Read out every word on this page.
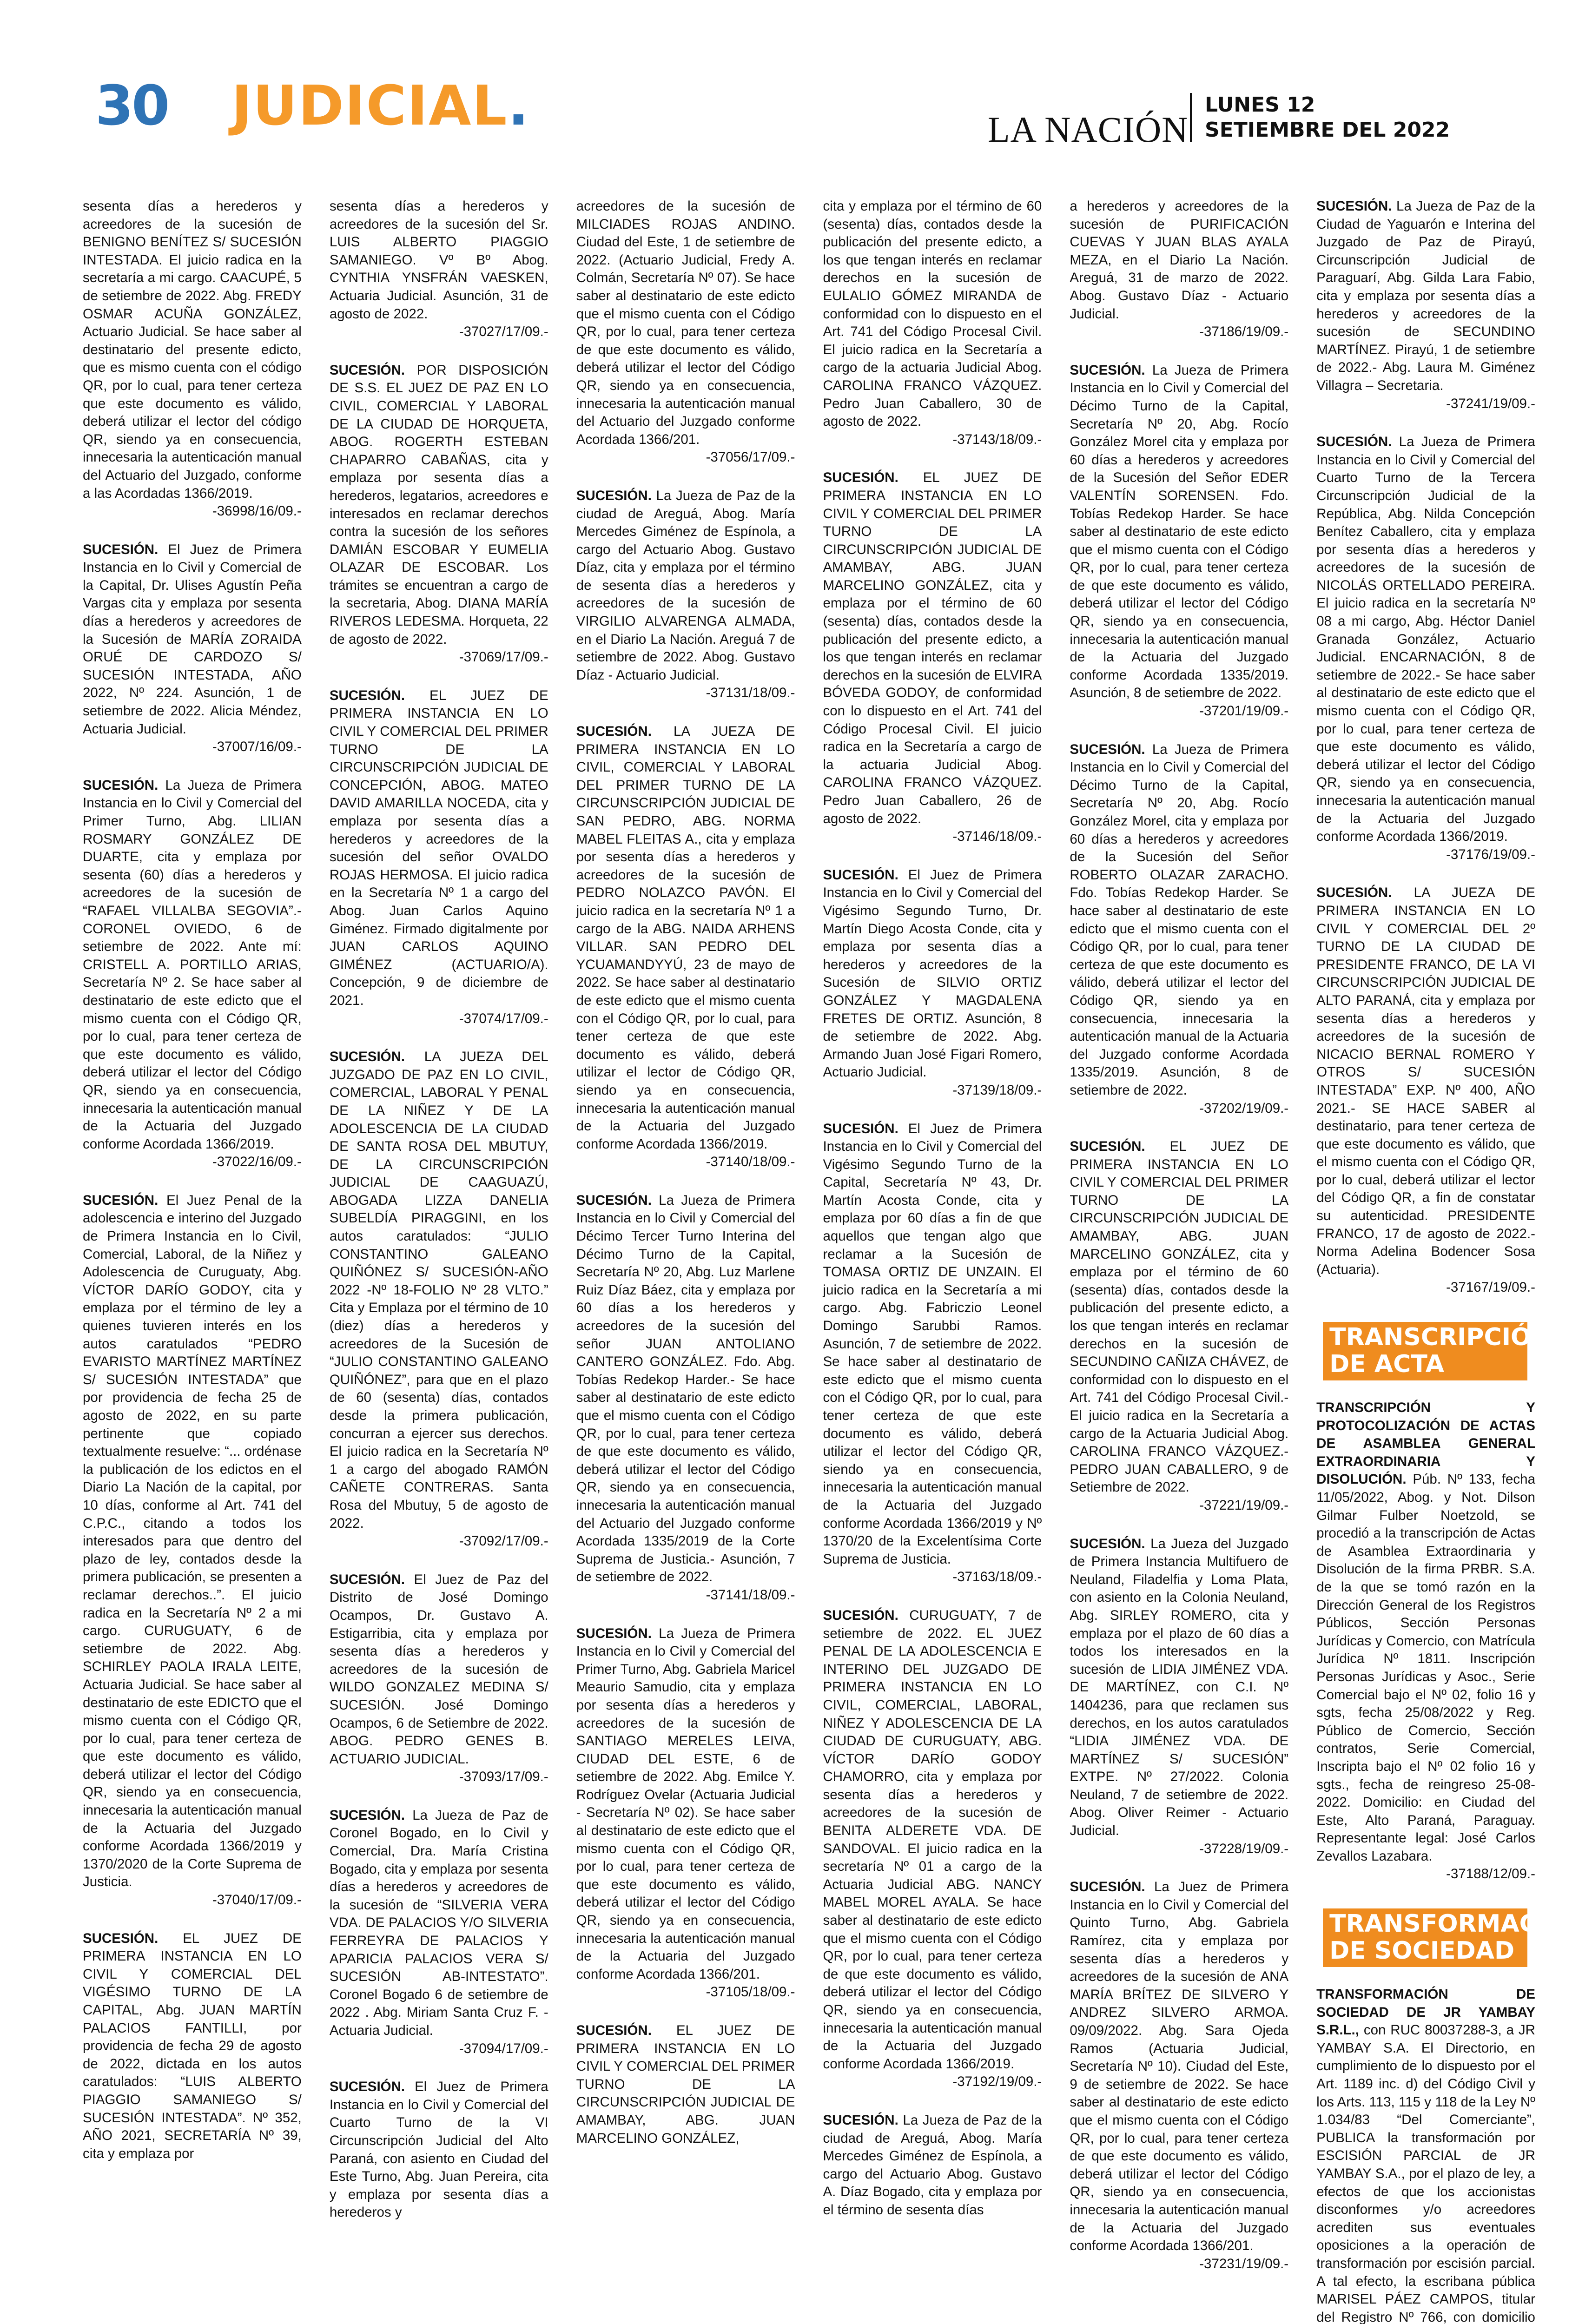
30 JUDICIAL.	LA NACIÓN
LUNES 12
SETIEMBRE DEL 2022

sesenta días a herederos y acreedores de la sucesión de BENIGNO BENÍTEZ S/ SUCESIÓN INTESTADA. El juicio radica en la secretaría a mi cargo. CAACUPÉ, 5 de setiembre de 2022. Abg. FREDY OSMAR ACUÑA GONZÁLEZ, Actuario Judicial. Se hace saber al destinatario del presente edicto, que es mismo cuenta con el código QR, por lo cual, para tener certeza que este documento es válido, deberá utilizar el lector del código QR, siendo ya en consecuencia, innecesaria la autenticación manual del Actuario del Juzgado, conforme a las Acordadas 1366/2019.
-36998/16/09.-

SUCESIÓN. El Juez de Primera Instancia en lo Civil y Comercial de la Capital, Dr. Ulises Agustín Peña Vargas cita y emplaza por sesenta días a herederos y acreedores de la Sucesión de MARÍA ZORAIDA ORUÉ DE CARDOZO S/ SUCESIÓN INTESTADA, AÑO 2022, Nº 224. Asunción, 1 de setiembre de 2022. Alicia Méndez, Actuaria Judicial.
-37007/16/09.-

SUCESIÓN. La Jueza de Primera Instancia en lo Civil y Comercial del Primer Turno, Abg. LILIAN ROSMARY GONZÁLEZ DE DUARTE, cita y emplaza por sesenta (60) días a herederos y acreedores de la sucesión de “RAFAEL VILLALBA SEGOVIA”.- CORONEL OVIEDO, 6 de setiembre de 2022. Ante mí: CRISTELL A. PORTILLO ARIAS, Secretaría Nº 2. Se hace saber al destinatario de este edicto que el mismo cuenta con el Código QR, por lo cual, para tener certeza de que este documento es válido, deberá utilizar el lector del Código QR, siendo ya en consecuencia, innecesaria la autenticación manual de la Actuaria del Juzgado conforme Acordada 1366/2019.
-37022/16/09.-

SUCESIÓN. El Juez Penal de la adolescencia e interino del Juzgado de Primera Instancia en lo Civil, Comercial, Laboral, de la Niñez y Adolescencia de Curuguaty, Abg. VÍCTOR DARÍO GODOY, cita y emplaza por el término de ley a quienes tuvieren interés en los autos caratulados “PEDRO EVARISTO MARTÍNEZ MARTÍNEZ S/ SUCESIÓN INTESTADA” que por providencia de fecha 25 de agosto de 2022, en su parte pertinente que copiado textualmente resuelve: “... ordénase la publicación de los edictos en el Diario La Nación de la capital, por 10 días, conforme al Art. 741 del C.P.C., citando a todos los interesados para que dentro del plazo de ley, contados desde la primera publicación, se presenten a reclamar derechos..”. El juicio radica en la Secretaría Nº 2 a mi cargo. CURUGUATY, 6 de setiembre de 2022. Abg. SCHIRLEY PAOLA IRALA LEITE, Actuaria Judicial. Se hace saber al destinatario de este EDICTO que el mismo cuenta con el Código QR, por lo cual, para tener certeza de que este documento es válido, deberá utilizar el lector del Código QR, siendo ya en consecuencia, innecesaria la autenticación manual de la Actuaria del Juzgado conforme Acordada 1366/2019 y 1370/2020 de la Corte Suprema de Justicia.
-37040/17/09.-

SUCESIÓN. EL JUEZ DE PRIMERA INSTANCIA EN LO CIVIL Y COMERCIAL DEL VIGÉSIMO TURNO DE LA CAPITAL, Abg. JUAN MARTÍN PALACIOS FANTILLI, por providencia de fecha 29 de agosto de 2022, dictada en los autos caratulados: “LUIS ALBERTO PIAGGIO SAMANIEGO S/ SUCESIÓN INTESTADA”. Nº 352, AÑO 2021, SECRETARÍA Nº 39, cita y emplaza por

sesenta días a herederos y acreedores de la sucesión del Sr. LUIS ALBERTO PIAGGIO SAMANIEGO. Vº Bº Abog. CYNTHIA YNSFRÁN VAESKEN, Actuaria Judicial. Asunción, 31 de agosto de 2022.
-37027/17/09.-

SUCESIÓN. POR DISPOSICIÓN DE S.S. EL JUEZ DE PAZ EN LO CIVIL, COMERCIAL Y LABORAL DE LA CIUDAD DE HORQUETA, ABOG. ROGERTH ESTEBAN CHAPARRO CABAÑAS, cita y emplaza por sesenta días a herederos, legatarios, acreedores e interesados en reclamar derechos contra la sucesión de los señores DAMIÁN ESCOBAR Y EUMELIA OLAZAR DE ESCOBAR. Los trámites se encuentran a cargo de la secretaria, Abog. DIANA MARÍA RIVEROS LEDESMA. Horqueta, 22 de agosto de 2022.
-37069/17/09.-

SUCESIÓN. EL JUEZ DE PRIMERA INSTANCIA EN LO CIVIL Y COMERCIAL DEL PRIMER TURNO DE LA CIRCUNSCRIPCIÓN JUDICIAL DE CONCEPCIÓN, ABOG. MATEO DAVID AMARILLA NOCEDA, cita y emplaza por sesenta días a herederos y acreedores de la sucesión del señor OVALDO ROJAS HERMOSA. El juicio radica en la Secretaría Nº 1 a cargo del Abog. Juan Carlos Aquino Giménez. Firmado digitalmente por JUAN CARLOS AQUINO GIMÉNEZ (ACTUARIO/A). Concepción, 9 de diciembre de 2021.
-37074/17/09.-

SUCESIÓN. LA JUEZA DEL JUZGADO DE PAZ EN LO CIVIL, COMERCIAL, LABORAL Y PENAL DE LA NIÑEZ Y DE LA ADOLESCENCIA DE LA CIUDAD DE SANTA ROSA DEL MBUTUY, DE LA CIRCUNSCRIPCIÓN JUDICIAL DE CAAGUAZÚ, ABOGADA LIZZA DANELIA SUBELDÍA PIRAGGINI, en los autos caratulados: “JULIO CONSTANTINO GALEANO QUIÑÓNEZ S/ SUCESIÓN-AÑO 2022 -Nº 18-FOLIO Nº 28 VLTO.” Cita y Emplaza por el término de 10 (diez) días a herederos y acreedores de la Sucesión de “JULIO CONSTANTINO GALEANO QUIÑÓNEZ”, para que en el plazo de 60 (sesenta) días, contados desde la primera publicación, concurran a ejercer sus derechos. El juicio radica en la Secretaría Nº 1 a cargo del abogado RAMÓN CAÑETE CONTRERAS. Santa Rosa del Mbutuy, 5 de agosto de 2022.
-37092/17/09.-

SUCESIÓN. El Juez de Paz del Distrito de José Domingo Ocampos, Dr. Gustavo A. Estigarribia, cita y emplaza por sesenta días a herederos y acreedores de la sucesión de WILDO GONZALEZ MEDINA S/ SUCESIÓN. José Domingo Ocampos, 6 de Setiembre de 2022. ABOG. PEDRO GENES B. ACTUARIO JUDICIAL.
-37093/17/09.-

SUCESIÓN. La Jueza de Paz de Coronel Bogado, en lo Civil y Comercial, Dra. María Cristina Bogado, cita y emplaza por sesenta días a herederos y acreedores de la sucesión de “SILVERIA VERA VDA. DE PALACIOS Y/O SILVERIA FERREYRA DE PALACIOS Y APARICIA PALACIOS VERA S/ SUCESIÓN AB-INTESTATO”. Coronel Bogado 6 de setiembre de 2022 . Abg. Miriam Santa Cruz F. - Actuaria Judicial.
-37094/17/09.-

SUCESIÓN. El Juez de Primera Instancia en lo Civil y Comercial del Cuarto Turno de la VI Circunscripción Judicial del Alto Paraná, con asiento en Ciudad del Este Turno, Abg. Juan Pereira, cita y emplaza por sesenta días a herederos y

acreedores de la sucesión de MILCIADES ROJAS ANDINO. Ciudad del Este, 1 de setiembre de 2022. (Actuario Judicial, Fredy A. Colmán, Secretaría Nº 07). Se hace saber al destinatario de este edicto que el mismo cuenta con el Código QR, por lo cual, para tener certeza de que este documento es válido, deberá utilizar el lector del Código QR, siendo ya en consecuencia, innecesaria la autenticación manual del Actuario del Juzgado conforme Acordada 1366/201.
-37056/17/09.-

SUCESIÓN. La Jueza de Paz de la ciudad de Areguá, Abog. María Mercedes Giménez de Espínola, a cargo del Actuario Abog. Gustavo Díaz, cita y emplaza por el término de sesenta días a herederos y acreedores de la sucesión de VIRGILIO ALVARENGA ALMADA, en el Diario La Nación. Areguá 7 de setiembre de 2022. Abog. Gustavo Díaz - Actuario Judicial.
-37131/18/09.-

SUCESIÓN. LA JUEZA DE PRIMERA INSTANCIA EN LO CIVIL, COMERCIAL Y LABORAL DEL PRIMER TURNO DE LA CIRCUNSCRIPCIÓN JUDICIAL DE SAN PEDRO, ABG. NORMA MABEL FLEITAS A., cita y emplaza por sesenta días a herederos y acreedores de la sucesión de PEDRO NOLAZCO PAVÓN. El juicio radica en la secretaría Nº 1 a cargo de la ABG. NAIDA ARHENS VILLAR. SAN PEDRO DEL YCUAMANDYYÚ, 23 de mayo de 2022. Se hace saber al destinatario de este edicto que el mismo cuenta con el Código QR, por lo cual, para tener certeza de que este documento es válido, deberá utilizar el lector de Código QR, siendo ya en consecuencia, innecesaria la autenticación manual de la Actuaria del Juzgado conforme Acordada 1366/2019.
-37140/18/09.-

SUCESIÓN. La Jueza de Primera Instancia en lo Civil y Comercial del Décimo Tercer Turno Interina del Décimo Turno de la Capital, Secretaría Nº 20, Abg. Luz Marlene Ruiz Díaz Báez, cita y emplaza por 60 días a los herederos y acreedores de la sucesión del señor JUAN ANTOLIANO CANTERO GONZÁLEZ. Fdo. Abg. Tobías Redekop Harder.- Se hace saber al destinatario de este edicto que el mismo cuenta con el Código QR, por lo cual, para tener certeza de que este documento es válido, deberá utilizar el lector del Código QR, siendo ya en consecuencia, innecesaria la autenticación manual del Actuario del Juzgado conforme Acordada 1335/2019 de la Corte Suprema de Justicia.- Asunción, 7 de setiembre de 2022.
-37141/18/09.-

SUCESIÓN. La Jueza de Primera Instancia en lo Civil y Comercial del Primer Turno, Abg. Gabriela Maricel Meaurio Samudio, cita y emplaza por sesenta días a herederos y acreedores de la sucesión de SANTIAGO MERELES LEIVA, CIUDAD DEL ESTE, 6 de setiembre de 2022. Abg. Emilce Y. Rodríguez Ovelar (Actuaria Judicial - Secretaría Nº 02). Se hace saber al destinatario de este edicto que el mismo cuenta con el Código QR, por lo cual, para tener certeza de que este documento es válido, deberá utilizar el lector del Código QR, siendo ya en consecuencia, innecesaria la autenticación manual de la Actuaria del Juzgado conforme Acordada 1366/201.
-37105/18/09.-

SUCESIÓN. EL JUEZ DE PRIMERA INSTANCIA EN LO CIVIL Y COMERCIAL DEL PRIMER TURNO DE LA CIRCUNSCRIPCIÓN JUDICIAL DE AMAMBAY, ABG. JUAN MARCELINO GONZÁLEZ,

cita y emplaza por el término de 60 (sesenta) días, contados desde la publicación del presente edicto, a los que tengan interés en reclamar derechos en la sucesión de EULALIO GÓMEZ MIRANDA de conformidad con lo dispuesto en el Art. 741 del Código Procesal Civil. El juicio radica en la Secretaría a cargo de la actuaria Judicial Abog. CAROLINA FRANCO VÁZQUEZ. Pedro Juan Caballero, 30 de agosto de 2022.
-37143/18/09.-

SUCESIÓN. EL JUEZ DE PRIMERA INSTANCIA EN LO CIVIL Y COMERCIAL DEL PRIMER TURNO DE LA CIRCUNSCRIPCIÓN JUDICIAL DE AMAMBAY, ABG. JUAN MARCELINO GONZÁLEZ, cita y emplaza por el término de 60 (sesenta) días, contados desde la publicación del presente edicto, a los que tengan interés en reclamar derechos en la sucesión de ELVIRA BÓVEDA GODOY, de conformidad con lo dispuesto en el Art. 741 del Código Procesal Civil. El juicio radica en la Secretaría a cargo de la actuaria Judicial Abog. CAROLINA FRANCO VÁZQUEZ. Pedro Juan Caballero, 26 de agosto de 2022.
-37146/18/09.-

SUCESIÓN. El Juez de Primera Instancia en lo Civil y Comercial del Vigésimo Segundo Turno, Dr. Martín Diego Acosta Conde, cita y emplaza por sesenta días a herederos y acreedores de la Sucesión de SILVIO ORTIZ GONZÁLEZ Y MAGDALENA FRETES DE ORTIZ. Asunción, 8 de setiembre de 2022. Abg. Armando Juan José Figari Romero, Actuario Judicial.
-37139/18/09.-

SUCESIÓN. El Juez de Primera Instancia en lo Civil y Comercial del Vigésimo Segundo Turno de la Capital, Secretaría Nº 43, Dr. Martín Acosta Conde, cita y emplaza por 60 días a fin de que aquellos que tengan algo que reclamar a la Sucesión de TOMASA ORTIZ DE UNZAIN. El juicio radica en la Secretaría a mi cargo. Abg. Fabriczio Leonel Domingo Sarubbi Ramos. Asunción, 7 de setiembre de 2022. Se hace saber al destinatario de este edicto que el mismo cuenta con el Código QR, por lo cual, para tener certeza de que este documento es válido, deberá utilizar el lector del Código QR, siendo ya en consecuencia, innecesaria la autenticación manual de la Actuaria del Juzgado conforme Acordada 1366/2019 y Nº 1370/20 de la Excelentísima Corte Suprema de Justicia.
-37163/18/09.-

SUCESIÓN. CURUGUATY, 7 de setiembre de 2022. EL JUEZ PENAL DE LA ADOLESCENCIA E INTERINO DEL JUZGADO DE PRIMERA INSTANCIA EN LO CIVIL, COMERCIAL, LABORAL, NIÑEZ Y ADOLESCENCIA DE LA CIUDAD DE CURUGUATY, ABG. VÍCTOR DARÍO GODOY CHAMORRO, cita y emplaza por sesenta días a herederos y acreedores de la sucesión de BENITA ALDERETE VDA. DE SANDOVAL. El juicio radica en la secretaría Nº 01 a cargo de la Actuaria Judicial ABG. NANCY MABEL MOREL AYALA. Se hace saber al destinatario de este edicto que el mismo cuenta con el Código QR, por lo cual, para tener certeza de que este documento es válido, deberá utilizar el lector del Código QR, siendo ya en consecuencia, innecesaria la autenticación manual de la Actuaria del Juzgado conforme Acordada 1366/2019.
-37192/19/09.-

SUCESIÓN. La Jueza de Paz de la ciudad de Areguá, Abog. María Mercedes Giménez de Espínola, a cargo del Actuario Abog. Gustavo A. Díaz Bogado, cita y emplaza por el término de sesenta días

a herederos y acreedores de la sucesión de PURIFICACIÓN CUEVAS Y JUAN BLAS AYALA MEZA, en el Diario La Nación. Areguá, 31 de marzo de 2022. Abog. Gustavo Díaz - Actuario Judicial.
-37186/19/09.-

SUCESIÓN. La Jueza de Primera Instancia en lo Civil y Comercial del Décimo Turno de la Capital, Secretaría Nº 20, Abg. Rocío González Morel cita y emplaza por 60 días a herederos y acreedores de la Sucesión del Señor EDER VALENTÍN SORENSEN. Fdo. Tobías Redekop Harder. Se hace saber al destinatario de este edicto que el mismo cuenta con el Código QR, por lo cual, para tener certeza de que este documento es válido, deberá utilizar el lector del Código QR, siendo ya en consecuencia, innecesaria la autenticación manual de la Actuaria del Juzgado conforme Acordada 1335/2019. Asunción, 8 de setiembre de 2022.
-37201/19/09.-

SUCESIÓN. La Jueza de Primera Instancia en lo Civil y Comercial del Décimo Turno de la Capital, Secretaría Nº 20, Abg. Rocío González Morel, cita y emplaza por 60 días a herederos y acreedores de la Sucesión del Señor ROBERTO OLAZAR ZARACHO. Fdo. Tobías Redekop Harder. Se hace saber al destinatario de este edicto que el mismo cuenta con el Código QR, por lo cual, para tener certeza de que este documento es válido, deberá utilizar el lector del Código QR, siendo ya en consecuencia, innecesaria la autenticación manual de la Actuaria del Juzgado conforme Acordada 1335/2019. Asunción, 8 de setiembre de 2022.
-37202/19/09.-

SUCESIÓN. EL JUEZ DE PRIMERA INSTANCIA EN LO CIVIL Y COMERCIAL DEL PRIMER TURNO DE LA CIRCUNSCRIPCIÓN JUDICIAL DE AMAMBAY, ABG. JUAN MARCELINO GONZÁLEZ, cita y emplaza por el término de 60 (sesenta) días, contados desde la publicación del presente edicto, a los que tengan interés en reclamar derechos en la sucesión de SECUNDINO CAÑIZA CHÁVEZ, de conformidad con lo dispuesto en el Art. 741 del Código Procesal Civil.- El juicio radica en la Secretaría a cargo de la Actuaria Judicial Abog. CAROLINA FRANCO VÁZQUEZ.- PEDRO JUAN CABALLERO, 9 de Setiembre de 2022.
-37221/19/09.-

SUCESIÓN. La Jueza del Juzgado de Primera Instancia Multifuero de Neuland, Filadelfia y Loma Plata, con asiento en la Colonia Neuland, Abg. SIRLEY ROMERO, cita y emplaza por el plazo de 60 días a todos los interesados en la sucesión de LIDIA JIMÉNEZ VDA. DE MARTÍNEZ, con C.I. Nº 1404236, para que reclamen sus derechos, en los autos caratulados “LIDIA JIMÉNEZ VDA. DE MARTÍNEZ S/ SUCESIÓN” EXTPE. Nº 27/2022. Colonia Neuland, 7 de setiembre de 2022. Abog. Oliver Reimer - Actuario Judicial.
-37228/19/09.-

SUCESIÓN. La Juez de Primera Instancia en lo Civil y Comercial del Quinto Turno, Abg. Gabriela Ramírez, cita y emplaza por sesenta días a herederos y acreedores de la sucesión de ANA MARÍA BRÍTEZ DE SILVERO Y ANDREZ SILVERO ARMOA. 09/09/2022. Abg. Sara Ojeda Ramos (Actuaria Judicial, Secretaría Nº 10). Ciudad del Este, 9 de setiembre de 2022. Se hace saber al destinatario de este edicto que el mismo cuenta con el Código QR, por lo cual, para tener certeza de que este documento es válido, deberá utilizar el lector del Código QR, siendo ya en consecuencia, innecesaria la autenticación manual de la Actuaria del Juzgado conforme Acordada 1366/201.
-37231/19/09.-

SUCESIÓN. La Jueza de Paz de la Ciudad de Yaguarón e Interina del Juzgado de Paz de Pirayú, Circunscripción Judicial de Paraguarí, Abg. Gilda Lara Fabio, cita y emplaza por sesenta días a herederos y acreedores de la sucesión de SECUNDINO MARTÍNEZ. Pirayú, 1 de setiembre de 2022.- Abg. Laura M. Giménez Villagra – Secretaria.
-37241/19/09.-

SUCESIÓN. La Jueza de Primera Instancia en lo Civil y Comercial del Cuarto Turno de la Tercera Circunscripción Judicial de la República, Abg. Nilda Concepción Benítez Caballero, cita y emplaza por sesenta días a herederos y acreedores de la sucesión de NICOLÁS ORTELLADO PEREIRA. El juicio radica en la secretaría Nº 08 a mi cargo, Abg. Héctor Daniel Granada González, Actuario Judicial. ENCARNACIÓN, 8 de setiembre de 2022.- Se hace saber al destinatario de este edicto que el mismo cuenta con el Código QR, por lo cual, para tener certeza de que este documento es válido, deberá utilizar el lector del Código QR, siendo ya en consecuencia, innecesaria la autenticación manual de la Actuaria del Juzgado conforme Acordada 1366/2019.
-37176/19/09.-

SUCESIÓN. LA JUEZA DE PRIMERA INSTANCIA EN LO CIVIL Y COMERCIAL DEL 2º TURNO DE LA CIUDAD DE PRESIDENTE FRANCO, DE LA VI CIRCUNSCRIPCIÓN JUDICIAL DE ALTO PARANÁ, cita y emplaza por sesenta días a herederos y acreedores de la sucesión de NICACIO BERNAL ROMERO Y OTROS S/ SUCESIÓN INTESTADA” EXP. Nº 400, AÑO 2021.- SE HACE SABER al destinatario, para tener certeza de que este documento es válido, que el mismo cuenta con el Código QR, por lo cual, deberá utilizar el lector del Código QR, a fin de constatar su autenticidad. PRESIDENTE FRANCO, 17 de agosto de 2022.-Norma Adelina Bodencer Sosa (Actuaria).
-37167/19/09.-

TRANSCRIPCIÓN DE ACTA

TRANSCRIPCIÓN Y PROTOCOLIZACIÓN DE ACTAS DE ASAMBLEA GENERAL EXTRAORDINARIA Y DISOLUCIÓN. Púb. Nº 133, fecha 11/05/2022, Abog. y Not. Dilson Gilmar Fulber Noetzold, se procedió a la transcripción de Actas de Asamblea Extraordinaria y Disolución de la firma PRBR. S.A. de la que se tomó razón en la Dirección General de los Registros Públicos, Sección Personas Jurídicas y Comercio, con Matrícula Jurídica Nº 1811. Inscripción Personas Jurídicas y Asoc., Serie Comercial bajo el Nº 02, folio 16 y sgts, fecha 25/08/2022 y Reg. Público de Comercio, Sección contratos, Serie Comercial, Inscripta bajo el Nº 02 folio 16 y sgts., fecha de reingreso 25-08-2022. Domicilio: en Ciudad del Este, Alto Paraná, Paraguay. Representante legal: José Carlos Zevallos Lazabara.
-37188/12/09.-

TRANSFORMACIÓN DE SOCIEDAD

TRANSFORMACIÓN DE SOCIEDAD DE JR YAMBAY S.R.L., con RUC 80037288-3, a JR YAMBAY S.A. El Directorio, en cumplimiento de lo dispuesto por el Art. 1189 inc. d) del Código Civil y los Arts. 113, 115 y 118 de la Ley Nº 1.034/83 “Del Comerciante”, PUBLICA la transformación por ESCISIÓN PARCIAL de JR YAMBAY S.A., por el plazo de ley, a efectos de que los accionistas disconformes y/o acreedores acrediten sus eventuales oposiciones a la operación de transformación por escisión parcial. A tal efecto, la escribana pública MARISEL PÁEZ CAMPOS, titular del Registro Nº 766, con domicilio
